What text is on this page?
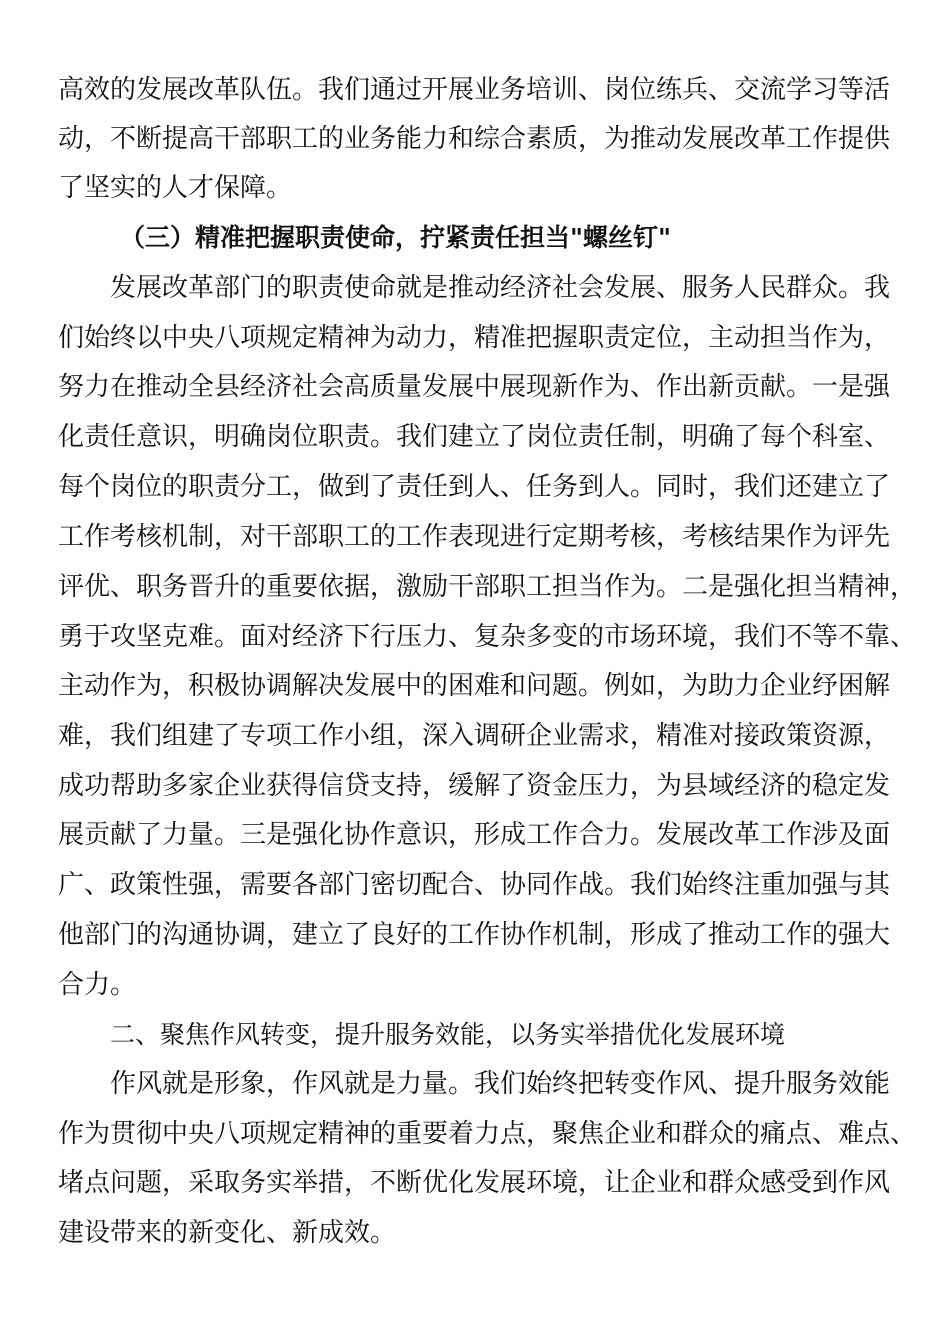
高效的发展改革队伍。我们通过开展业务培训、岗位练兵、交流学习等活
动，不断提高干部职工的业务能力和综合素质，为推动发展改革工作提供
了坚实的人才保障。
（三）精准把握职责使命，拧紧责任担当"螺丝钉"
发展改革部门的职责使命就是推动经济社会发展、服务人民群众。我
们始终以中央八项规定精神为动力，精准把握职责定位，主动担当作为，
努力在推动全县经济社会高质量发展中展现新作为、作出新贡献。一是强
化责任意识，明确岗位职责。我们建立了岗位责任制，明确了每个科室、
每个岗位的职责分工，做到了责任到人、任务到人。同时，我们还建立了
工作考核机制，对干部职工的工作表现进行定期考核，考核结果作为评先
评优、职务晋升的重要依据，激励干部职工担当作为。二是强化担当精神，
勇于攻坚克难。面对经济下行压力、复杂多变的市场环境，我们不等不靠、
主动作为，积极协调解决发展中的困难和问题。例如，为助力企业纾困解
难，我们组建了专项工作小组，深入调研企业需求，精准对接政策资源，
成功帮助多家企业获得信贷支持，缓解了资金压力，为县域经济的稳定发
展贡献了力量。三是强化协作意识，形成工作合力。发展改革工作涉及面
广、政策性强，需要各部门密切配合、协同作战。我们始终注重加强与其
他部门的沟通协调，建立了良好的工作协作机制，形成了推动工作的强大
合力。
二、聚焦作风转变，提升服务效能，以务实举措优化发展环境
作风就是形象，作风就是力量。我们始终把转变作风、提升服务效能
作为贯彻中央八项规定精神的重要着力点，聚焦企业和群众的痛点、难点、
堵点问题，采取务实举措，不断优化发展环境，让企业和群众感受到作风
建设带来的新变化、新成效。
